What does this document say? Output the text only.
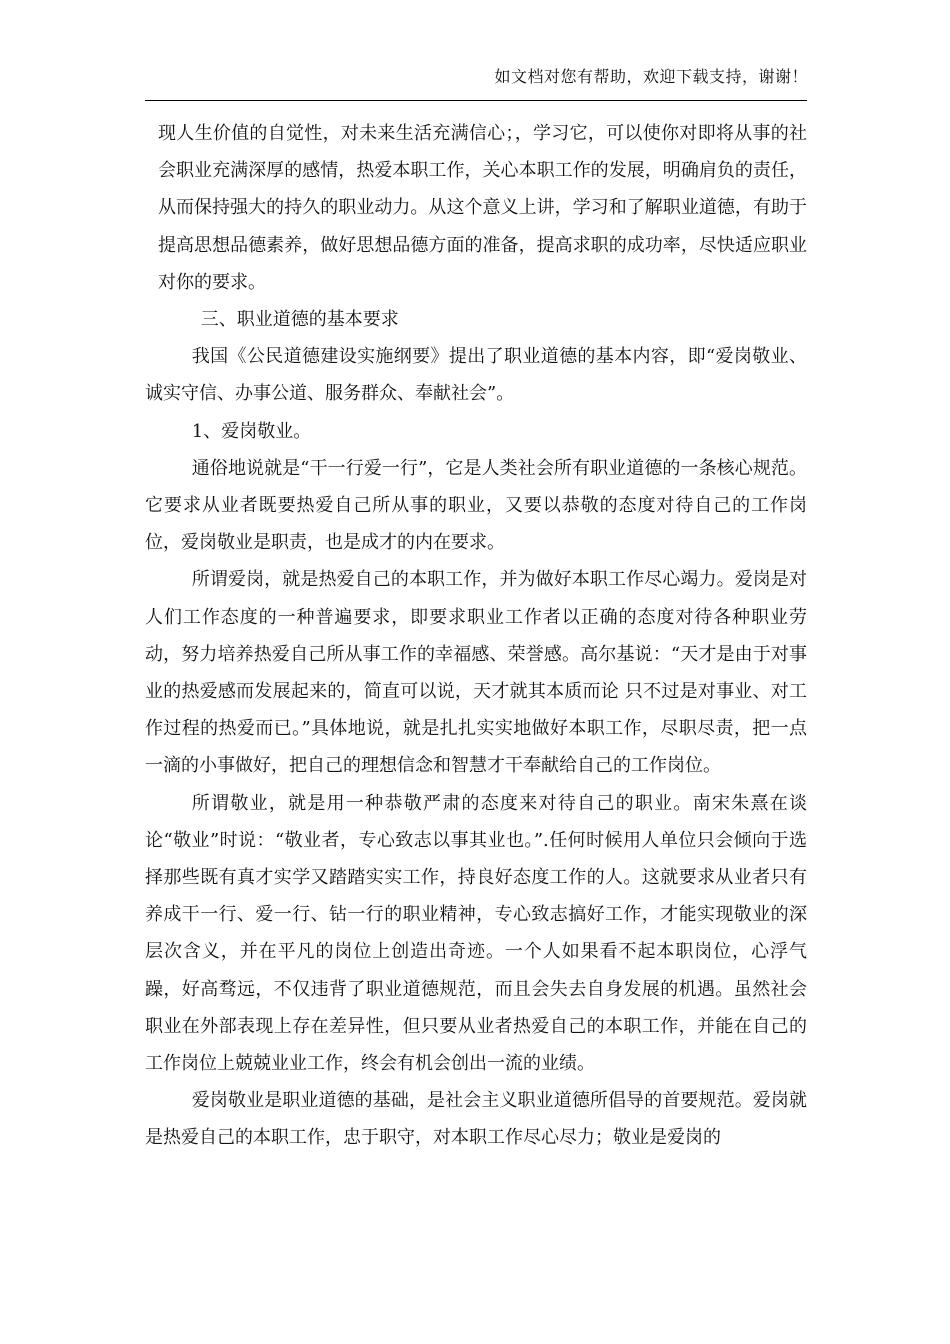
如文档对您有帮助，欢迎下载支持，谢谢！

现人生价值的自觉性，对未来生活充满信心；，学习它，可以使你对即将从事的社会职业充满深厚的感情，热爱本职工作，关心本职工作的发展，明确肩负的责任，从而保持强大的持久的职业动力。从这个意义上讲，学习和了解职业道德，有助于提高思想品德素养，做好思想品德方面的准备，提高求职的成功率，尽快适应职业对你的要求。

三、职业道德的基本要求

我国《公民道德建设实施纲要》提出了职业道德的基本内容，即“爱岗敬业、诚实守信、办事公道、服务群众、奉献社会”。

1、爱岗敬业。

通俗地说就是“干一行爱一行”，它是人类社会所有职业道德的一条核心规范。它要求从业者既要热爱自己所从事的职业，又要以恭敬的态度对待自己的工作岗位，爱岗敬业是职责，也是成才的内在要求。

所谓爱岗，就是热爱自己的本职工作，并为做好本职工作尽心竭力。爱岗是对人们工作态度的一种普遍要求，即要求职业工作者以正确的态度对待各种职业劳动，努力培养热爱自己所从事工作的幸福感、荣誉感。高尔基说：“天才是由于对事业的热爱感而发展起来的，简直可以说，天才就其本质而论 只不过是对事业、对工作过程的热爱而已。”具体地说，就是扎扎实实地做好本职工作，尽职尽责，把一点一滴的小事做好，把自己的理想信念和智慧才干奉献给自己的工作岗位。

所谓敬业，就是用一种恭敬严肃的态度来对待自己的职业。南宋朱熹在谈论“敬业”时说：“敬业者，专心致志以事其业也。”.任何时候用人单位只会倾向于选择那些既有真才实学又踏踏实实工作，持良好态度工作的人。这就要求从业者只有养成干一行、爱一行、钻一行的职业精神，专心致志搞好工作，才能实现敬业的深层次含义，并在平凡的岗位上创造出奇迹。一个人如果看不起本职岗位，心浮气躁，好高骛远，不仅违背了职业道德规范，而且会失去自身发展的机遇。虽然社会职业在外部表现上存在差异性，但只要从业者热爱自己的本职工作，并能在自己的工作岗位上兢兢业业工作，终会有机会创出一流的业绩。

爱岗敬业是职业道德的基础，是社会主义职业道德所倡导的首要规范。爱岗就是热爱自己的本职工作，忠于职守，对本职工作尽心尽力；敬业是爱岗的
